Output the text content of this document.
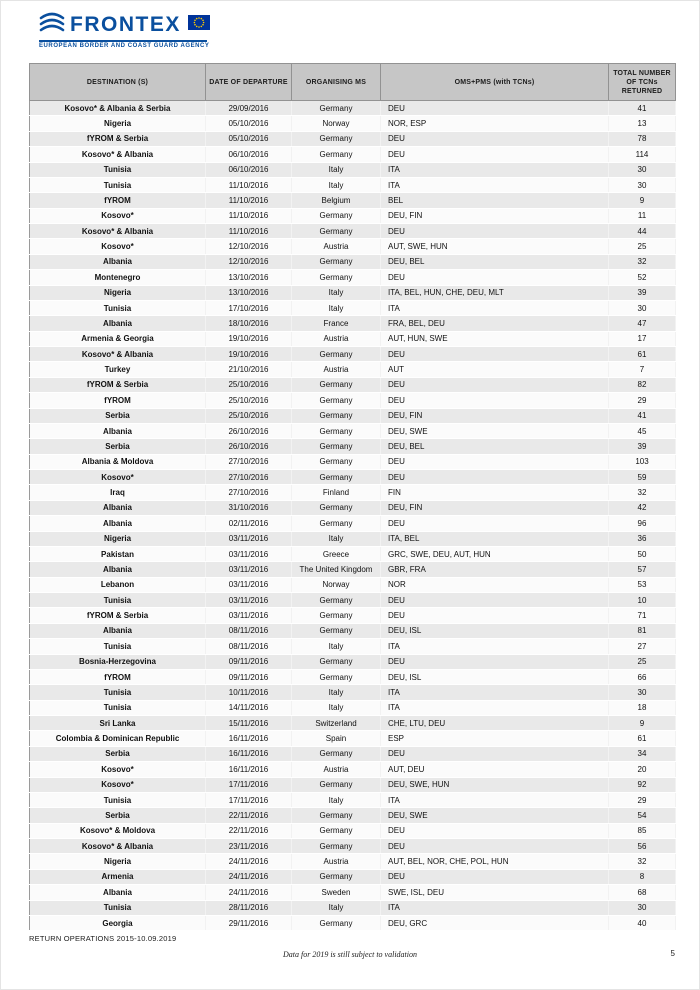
FRONTEX
EUROPEAN BORDER AND COAST GUARD AGENCY
DESTINATION (S)	DATE OF DEPARTURE	ORGANISING MS	OMS+PMS (with TCNs)	TOTAL NUMBER OF TCNs RETURNED
Kosovo* & Albania & Serbia	29/09/2016	Germany	DEU	41
Nigeria	05/10/2016	Norway	NOR, ESP	13
fYROM & Serbia	05/10/2016	Germany	DEU	78
Kosovo* & Albania	06/10/2016	Germany	DEU	114
Tunisia	06/10/2016	Italy	ITA	30
Tunisia	11/10/2016	Italy	ITA	30
fYROM	11/10/2016	Belgium	BEL	9
Kosovo*	11/10/2016	Germany	DEU, FIN	11
Kosovo* & Albania	11/10/2016	Germany	DEU	44
Kosovo*	12/10/2016	Austria	AUT, SWE, HUN	25
Albania	12/10/2016	Germany	DEU, BEL	32
Montenegro	13/10/2016	Germany	DEU	52
Nigeria	13/10/2016	Italy	ITA, BEL, HUN, CHE, DEU, MLT	39
Tunisia	17/10/2016	Italy	ITA	30
Albania	18/10/2016	France	FRA, BEL, DEU	47
Armenia & Georgia	19/10/2016	Austria	AUT, HUN, SWE	17
Kosovo* & Albania	19/10/2016	Germany	DEU	61
Turkey	21/10/2016	Austria	AUT	7
fYROM & Serbia	25/10/2016	Germany	DEU	82
fYROM	25/10/2016	Germany	DEU	29
Serbia	25/10/2016	Germany	DEU, FIN	41
Albania	26/10/2016	Germany	DEU, SWE	45
Serbia	26/10/2016	Germany	DEU, BEL	39
Albania & Moldova	27/10/2016	Germany	DEU	103
Kosovo*	27/10/2016	Germany	DEU	59
Iraq	27/10/2016	Finland	FIN	32
Albania	31/10/2016	Germany	DEU, FIN	42
Albania	02/11/2016	Germany	DEU	96
Nigeria	03/11/2016	Italy	ITA, BEL	36
Pakistan	03/11/2016	Greece	GRC, SWE, DEU, AUT, HUN	50
Albania	03/11/2016	The United Kingdom	GBR, FRA	57
Lebanon	03/11/2016	Norway	NOR	53
Tunisia	03/11/2016	Germany	DEU	10
fYROM & Serbia	03/11/2016	Germany	DEU	71
Albania	08/11/2016	Germany	DEU, ISL	81
Tunisia	08/11/2016	Italy	ITA	27
Bosnia-Herzegovina	09/11/2016	Germany	DEU	25
fYROM	09/11/2016	Germany	DEU, ISL	66
Tunisia	10/11/2016	Italy	ITA	30
Tunisia	14/11/2016	Italy	ITA	18
Sri Lanka	15/11/2016	Switzerland	CHE, LTU, DEU	9
Colombia & Dominican Republic	16/11/2016	Spain	ESP	61
Serbia	16/11/2016	Germany	DEU	34
Kosovo*	16/11/2016	Austria	AUT, DEU	20
Kosovo*	17/11/2016	Germany	DEU, SWE, HUN	92
Tunisia	17/11/2016	Italy	ITA	29
Serbia	22/11/2016	Germany	DEU, SWE	54
Kosovo* & Moldova	22/11/2016	Germany	DEU	85
Kosovo* & Albania	23/11/2016	Germany	DEU	56
Nigeria	24/11/2016	Austria	AUT, BEL, NOR, CHE, POL, HUN	32
Armenia	24/11/2016	Germany	DEU	8
Albania	24/11/2016	Sweden	SWE, ISL, DEU	68
Tunisia	28/11/2016	Italy	ITA	30
Georgia	29/11/2016	Germany	DEU, GRC	40
RETURN OPERATIONS 2015-10.09.2019
Data for 2019 is still subject to validation	5
